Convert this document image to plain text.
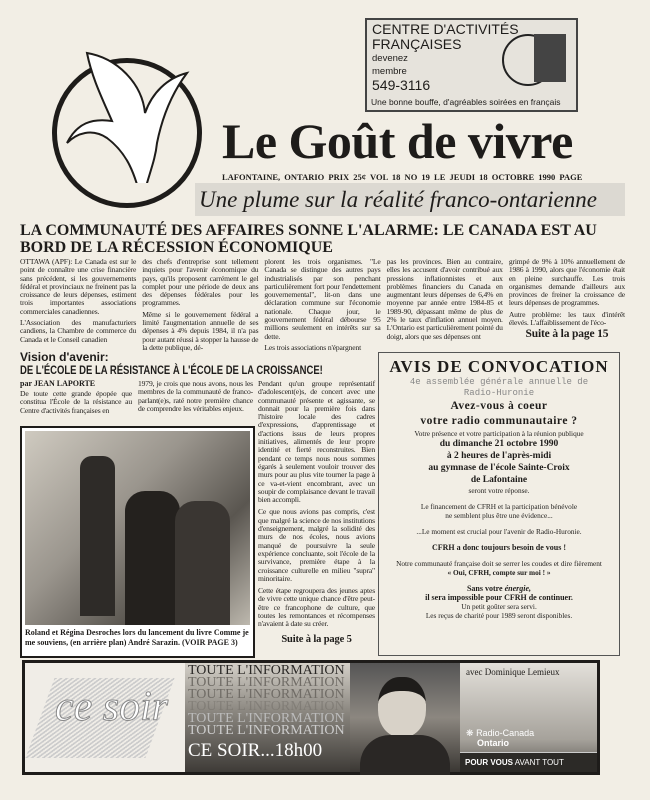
Le Goût de vivre
CENTRE D'ACTIVITÉS
FRANÇAISES
devenez
membre
549-3116
Une bonne bouffe, d'agréables soirées en français
LAFONTAINE, ONTARIO PRIX 25¢ VOL 18 NO 19 LE JEUDI 18 OCTOBRE 1990 PAGE
Une plume sur la réalité franco-ontarienne
LA COMMUNAUTÉ DES AFFAIRES SONNE L'ALARME: LE CANADA EST AU BORD DE LA RÉCESSION ÉCONOMIQUE

OTTAWA (APF): Le Canada est sur le point de connaître une crise financière sans précédent, si les gouvernements fédéral et provinciaux ne freinent pas la croissance de leurs dépenses, estiment trois importantes associations commerciales canadiennes.

L'Association des manufacturiers candiens, la Chambre de commerce du Canada et le Conseil canadien

des chefs d'entreprise sont tellement inquiets pour l'avenir économique du pays, qu'ils proposent carrément le gel complet pour une période de deux ans des dépenses fédérales pour les programmes.

Même si le gouvernement fédéral a limité l'augmentation annuelle de ses dépenses à 4% depuis 1984, il n'a pas pour autant réussi à stopper la hausse de la dette publique, dé-

plorent les trois organismes. "Le Canada se distingue des autres pays industrialisés par son penchant particulièrement fort pour l'endettement gouvernemental", lit-on dans une déclaration commune sur l'économie nationale. Chaque jour, le gouvernement fédéral débourse 95 millions seulement en intérêts sur sa dette.

Les trois associations n'épargnent

pas les provinces. Bien au contraire, elles les accusent d'avoir contribué aux pressions inflationnistes et aux problèmes financiers du Canada en augmentant leurs dépenses de 6,4% en moyenne par année entre 1984-85 et 1989-90, dépassant même de plus de 2% le taux d'inflation annuel moyen. L'Ontario est particulièrement pointé du doigt, alors que ses dépenses ont

grimpé de 9% à 10% annuellement de 1986 à 1990, alors que l'économie était en pleine surchauffe. Les trois organismes demande d'ailleurs aux provinces de freiner la croissance de leurs dépenses de programmes.

Autre problème: les taux d'intérêt élevés. L'affaiblissement de l'éco-

Suite à la page 15
Vision d'avenir:
DE L'ÉCOLE DE LA RÉSISTANCE À L'ÉCOLE DE LA CROISSANCE!
par JEAN LAPORTE
De toute cette grande épopée que constitua l'École de la résistance au Centre d'activités françaises en
1979, je crois que nous avons, nous les membres de la communauté de franco-parlant(e)s, raté notre première chance de comprendre les véritables enjeux.
Roland et Régina Desroches lors du lancement du livre Comme je me souviens, (en arrière plan) André Sarazin. (VOIR PAGE 3)

Pendant qu'un groupe représentatif d'adolescent(e)s, de concert avec une communauté présente et agissante, se donnait pour la première fois dans l'histoire locale des cadres d'expressions, d'apprentissage et d'actions issus de leurs propres initiatives, alimentés de leur propre identité et fierté reconstruites. Bien pendant ce temps nous nous sommes égarés à seulement vouloir trouver des murs pour au plus vite tourner la page à ce va-et-vient encombrant, avec un soupir de complaisance devant le travail bien accompli.

Ce que nous avions pas compris, c'est que malgré la science de nos institutions d'enseignement, malgré la solidité des murs de nos écoles, nous avions manqué de poursuivre la seule expérience concluante, soit l'école de la survivance, première étape à la croissance culturelle en milieu "supra" minoritaire.

Cette étape regroupera des jeunes aptes de vivre cette unique chance d'être peut-être ce francophone de culture, que toutes les remontances et récompenses n'avaient à date su créer.

Suite à la page 5
AVIS DE CONVOCATION
4e assemblée générale annuelle de
Radio-Huronie
Avez-vous à coeur
votre radio communautaire ?
Votre présence et votre participation à la réunion publique
du dimanche 21 octobre 1990
à 2 heures de l'après-midi
au gymnase de l'école Sainte-Croix
de Lafontaine
seront votre réponse.
Le financement de CFRH et la participation bénévole
ne semblent plus être une évidence...
...Le moment est crucial pour l'avenir de Radio-Huronie.
CFRH a donc toujours besoin de vous !
Notre communauté française doit se serrer les coudes et dire fièrement
« Oui, CFRH, compte sur moi ! »
Sans votre énergie,
il sera impossible pour CFRH de continuer.
Un petit goûter sera servi.
Les reçus de charité pour 1989 seront disponibles.
ce soir
TOUTE L'INFORMATION
TOUTE L'INFORMATION
TOUTE L'INFORMATION
TOUTE L'INFORMATION
TOUTE L'INFORMATION
TOUTE L'INFORMATION
CE SOIR...18h00
avec Dominique Lemieux
❋ Radio-Canada
Ontario
POUR VOUS AVANT TOUT
